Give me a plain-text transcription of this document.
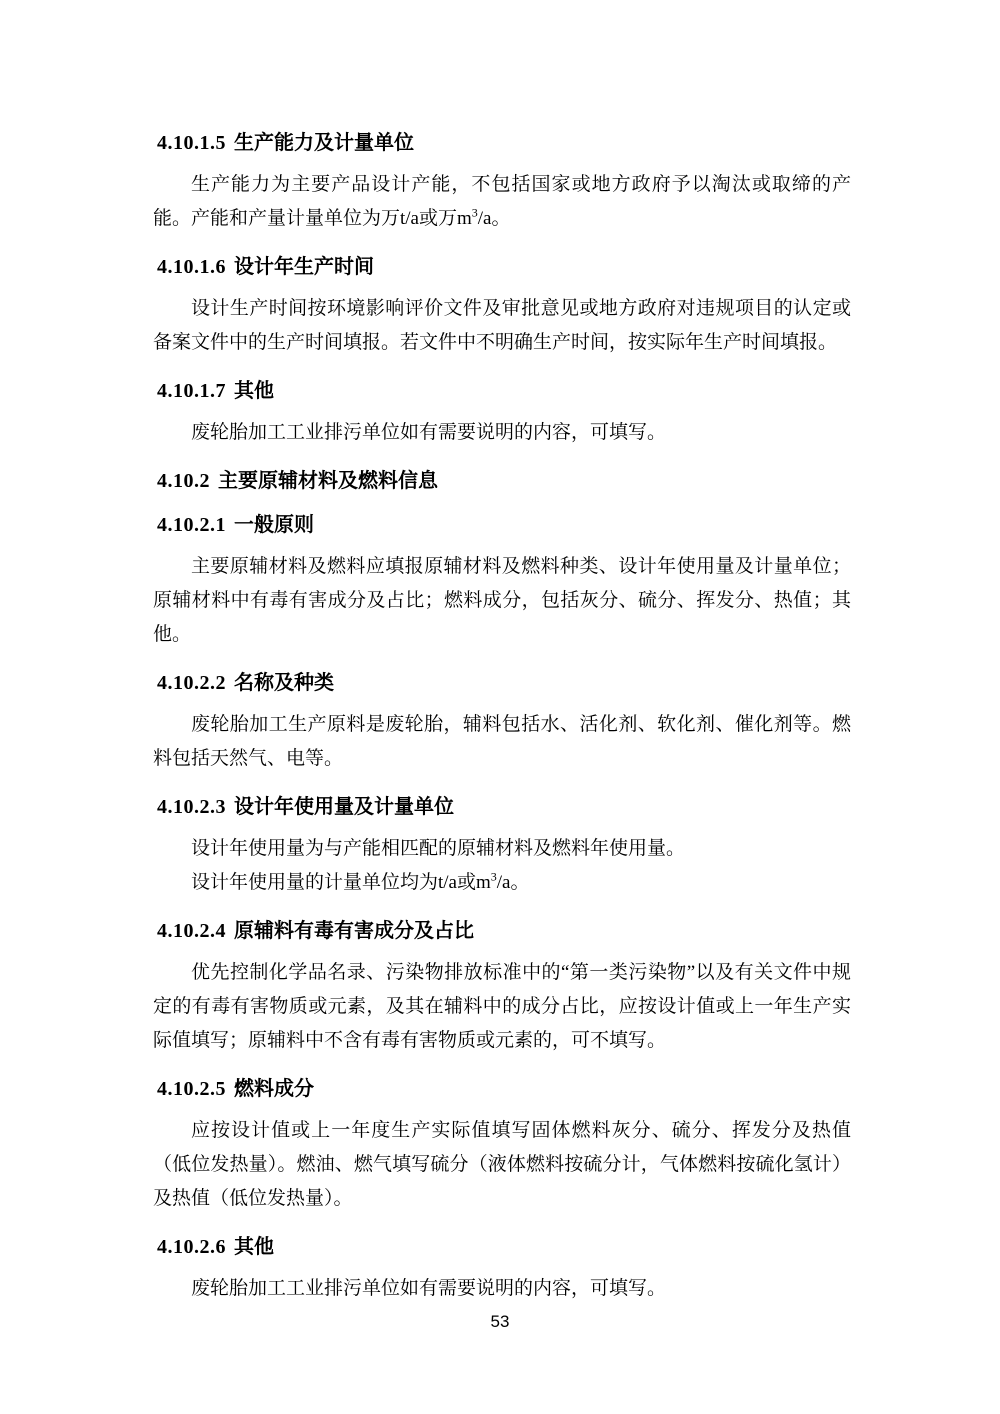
4.10.1.5 生产能力及计量单位

生产能力为主要产品设计产能，不包括国家或地方政府予以淘汰或取缔的产能。产能和产量计量单位为万t/a或万$m^3/a$。

4.10.1.6 设计年生产时间

设计生产时间按环境影响评价文件及审批意见或地方政府对违规项目的认定或备案文件中的生产时间填报。若文件中不明确生产时间，按实际年生产时间填报。

4.10.1.7 其他

废轮胎加工工业排污单位如有需要说明的内容，可填写。

4.10.2 主要原辅材料及燃料信息
4.10.2.1 一般原则

主要原辅材料及燃料应填报原辅材料及燃料种类、设计年使用量及计量单位；原辅材料中有毒有害成分及占比；燃料成分，包括灰分、硫分、挥发分、热值；其他。

4.10.2.2 名称及种类

废轮胎加工生产原料是废轮胎，辅料包括水、活化剂、软化剂、催化剂等。燃料包括天然气、电等。

4.10.2.3 设计年使用量及计量单位

设计年使用量为与产能相匹配的原辅材料及燃料年使用量。

设计年使用量的计量单位均为t/a或$m^3/a$。

4.10.2.4 原辅料有毒有害成分及占比

优先控制化学品名录、污染物排放标准中的“第一类污染物”以及有关文件中规定的有毒有害物质或元素，及其在辅料中的成分占比，应按设计值或上一年生产实际值填写；原辅料中不含有毒有害物质或元素的，可不填写。

4.10.2.5 燃料成分

应按设计值或上一年度生产实际值填写固体燃料灰分、硫分、挥发分及热值（低位发热量）。燃油、燃气填写硫分（液体燃料按硫分计，气体燃料按硫化氢计）及热值（低位发热量）。

4.10.2.6 其他

废轮胎加工工业排污单位如有需要说明的内容，可填写。

53
